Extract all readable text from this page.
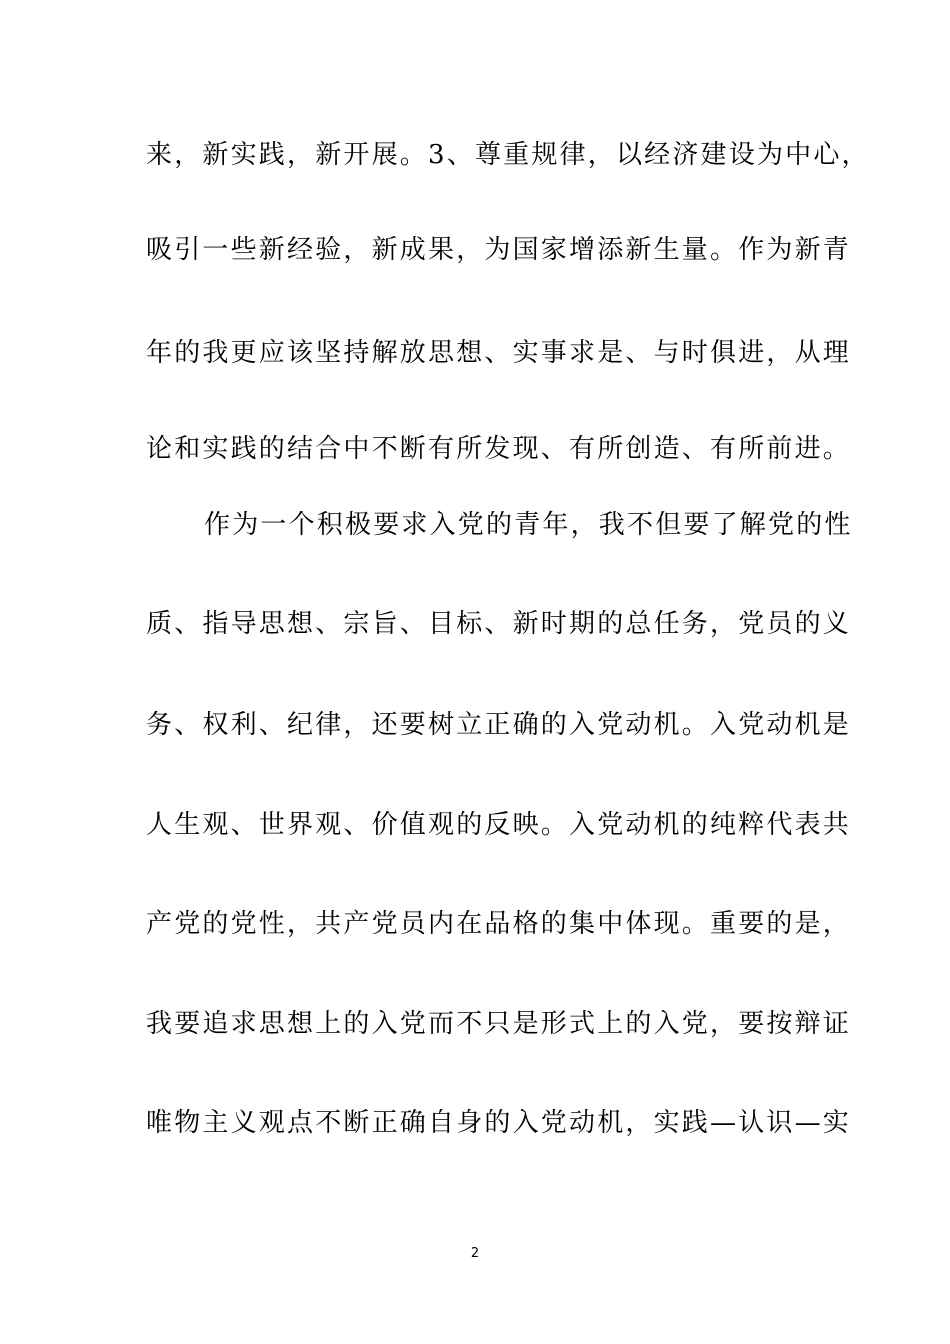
来，新实践，新开展。3、尊重规律，以经济建设为中心，
吸引一些新经验，新成果，为国家增添新生量。作为新青
年的我更应该坚持解放思想、实事求是、与时俱进，从理
论和实践的结合中不断有所发现、有所创造、有所前进。
作为一个积极要求入党的青年，我不但要了解党的性
质、指导思想、宗旨、目标、新时期的总任务，党员的义
务、权利、纪律，还要树立正确的入党动机。入党动机是
人生观、世界观、价值观的反映。入党动机的纯粹代表共
产党的党性，共产党员内在品格的集中体现。重要的是，
我要追求思想上的入党而不只是形式上的入党，要按辩证
唯物主义观点不断正确自身的入党动机，实践—认识—实
2
